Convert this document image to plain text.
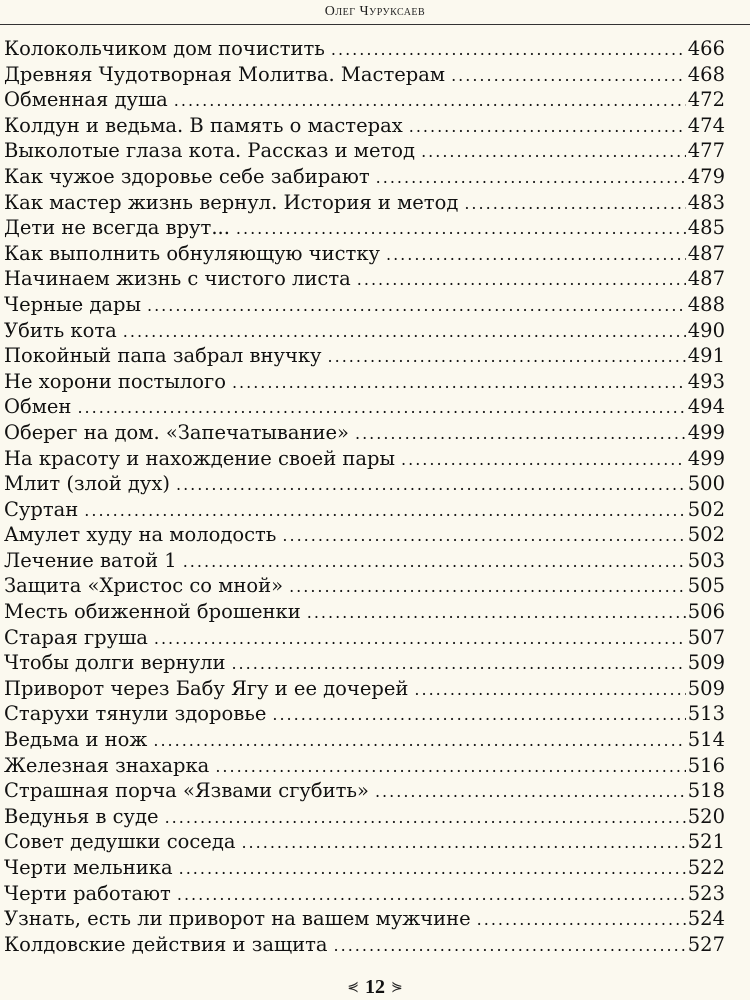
Олег Чуруксаев
Колокольчиком дом почистить .....	466
Древняя Чудотворная Молитва. Мастерам .....	468
Обменная душа .....	472
Колдун и ведьма. В память о мастерах .....	474
Выколотые глаза кота. Рассказ и метод .....	477
Как чужое здоровье себе забирают .....	479
Как мастер жизнь вернул. История и метод .....	483
Дети не всегда врут... .....	485
Как выполнить обнуляющую чистку .....	487
Начинаем жизнь с чистого листа .....	487
Черные дары .....	488
Убить кота .....	490
Покойный папа забрал внучку .....	491
Не хорони постылого .....	493
Обмен .....	494
Оберег на дом. «Запечатывание» .....	499
На красоту и нахождение своей пары .....	499
Млит (злой дух) .....	500
Суртан .....	502
Амулет худу на молодость .....	502
Лечение ватой 1 .....	503
Защита «Христос со мной» .....	505
Месть обиженной брошенки .....	506
Старая груша .....	507
Чтобы долги вернули .....	509
Приворот через Бабу Ягу и ее дочерей .....	509
Старухи тянули здоровье .....	513
Ведьма и нож .....	514
Железная знахарка .....	516
Страшная порча «Язвами сгубить» .....	518
Ведунья в суде .....	520
Совет дедушки соседа .....	521
Черти мельника .....	522
Черти работают .....	523
Узнать, есть ли приворот на вашем мужчине .....	524
Колдовские действия и защита .....	527
⋞ 12 ⋟
